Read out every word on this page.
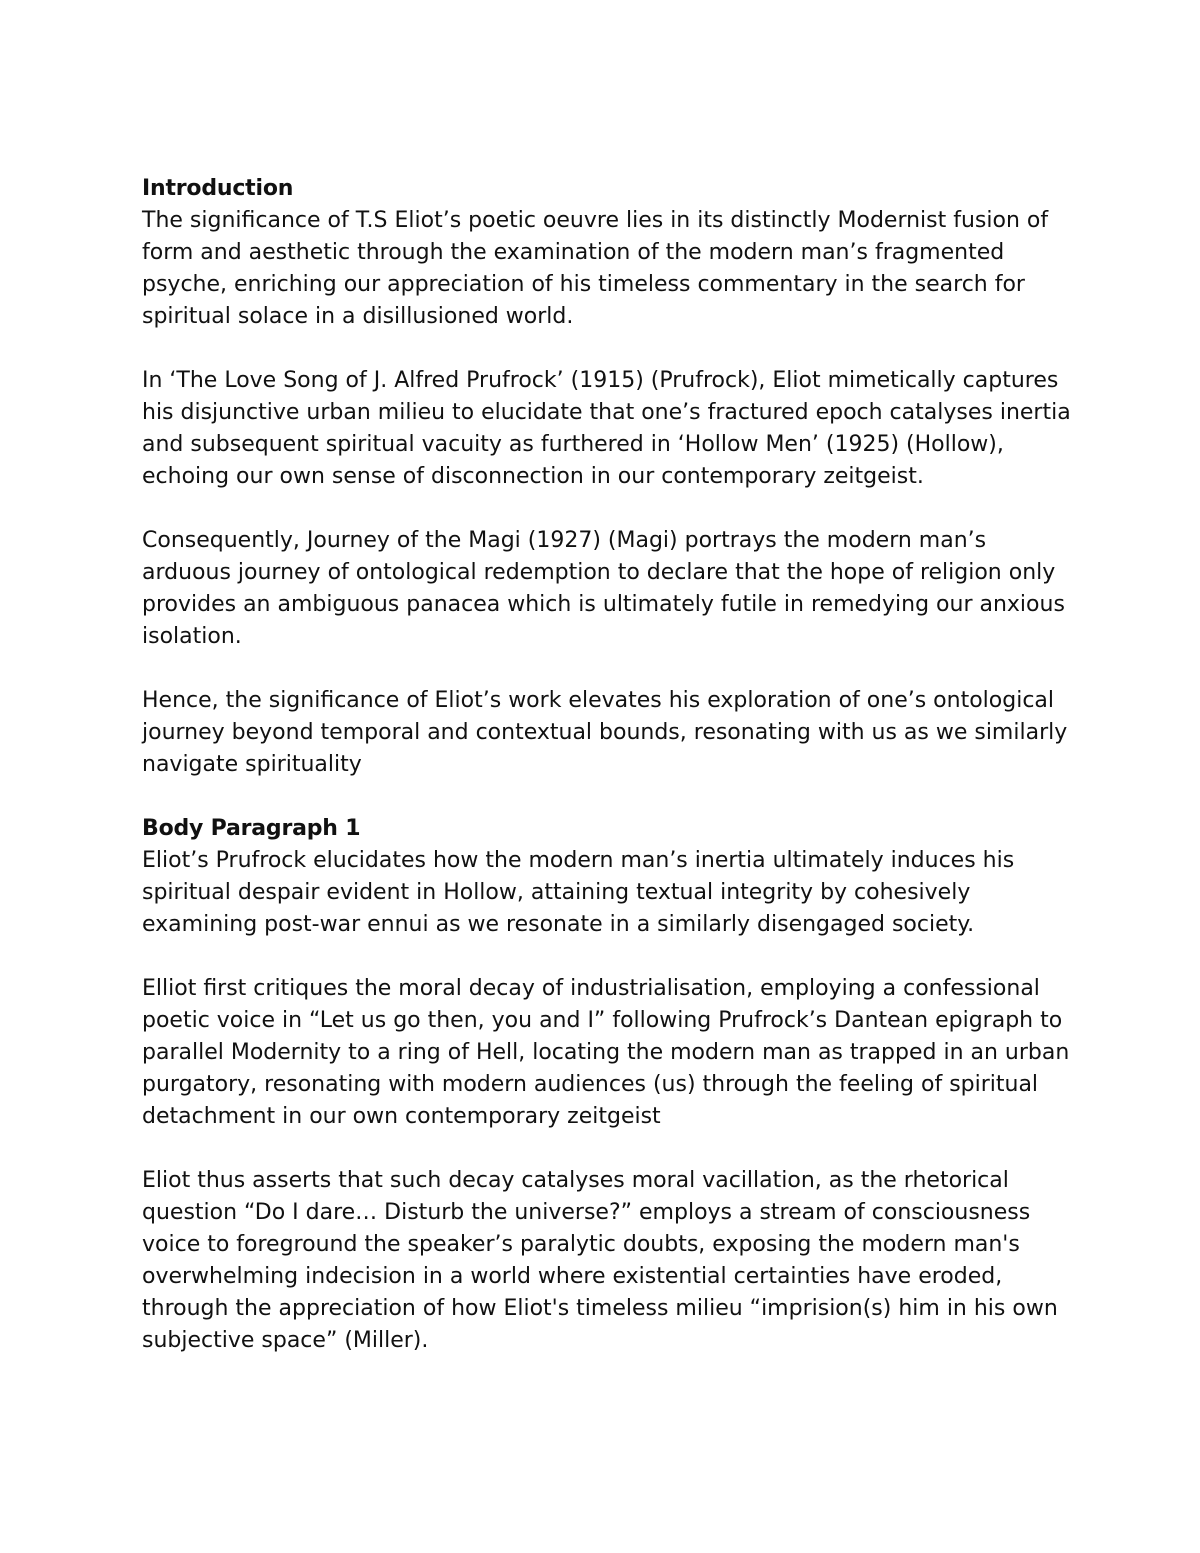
Introduction

The significance of T.S Eliot’s poetic oeuvre lies in its distinctly Modernist fusion of form and aesthetic through the examination of the modern man’s fragmented psyche, enriching our appreciation of his timeless commentary in the search for spiritual solace in a disillusioned world.

In ‘The Love Song of J. Alfred Prufrock’ (1915) (Prufrock), Eliot mimetically captures his disjunctive urban milieu to elucidate that one’s fractured epoch catalyses inertia and subsequent spiritual vacuity as furthered in ‘Hollow Men’ (1925) (Hollow), echoing our own sense of disconnection in our contemporary zeitgeist.

Consequently, Journey of the Magi (1927) (Magi) portrays the modern man’s arduous journey of ontological redemption to declare that the hope of religion only provides an ambiguous panacea which is ultimately futile in remedying our anxious isolation.

Hence, the significance of Eliot’s work elevates his exploration of one’s ontological journey beyond temporal and contextual bounds, resonating with us as we similarly navigate spirituality

Body Paragraph 1

Eliot’s Prufrock elucidates how the modern man’s inertia ultimately induces his spiritual despair evident in Hollow, attaining textual integrity by cohesively examining post-war ennui as we resonate in a similarly disengaged society.

Elliot first critiques the moral decay of industrialisation, employing a confessional poetic voice in “Let us go then, you and I” following Prufrock’s Dantean epigraph to parallel Modernity to a ring of Hell, locating the modern man as trapped in an urban purgatory, resonating with modern audiences (us) through the feeling of spiritual detachment in our own contemporary zeitgeist

Eliot thus asserts that such decay catalyses moral vacillation, as the rhetorical question “Do I dare… Disturb the universe?” employs a stream of consciousness voice to foreground the speaker’s paralytic doubts, exposing the modern man's overwhelming indecision in a world where existential certainties have eroded, through the appreciation of how Eliot's timeless milieu “imprision(s) him in his own subjective space” (Miller).
